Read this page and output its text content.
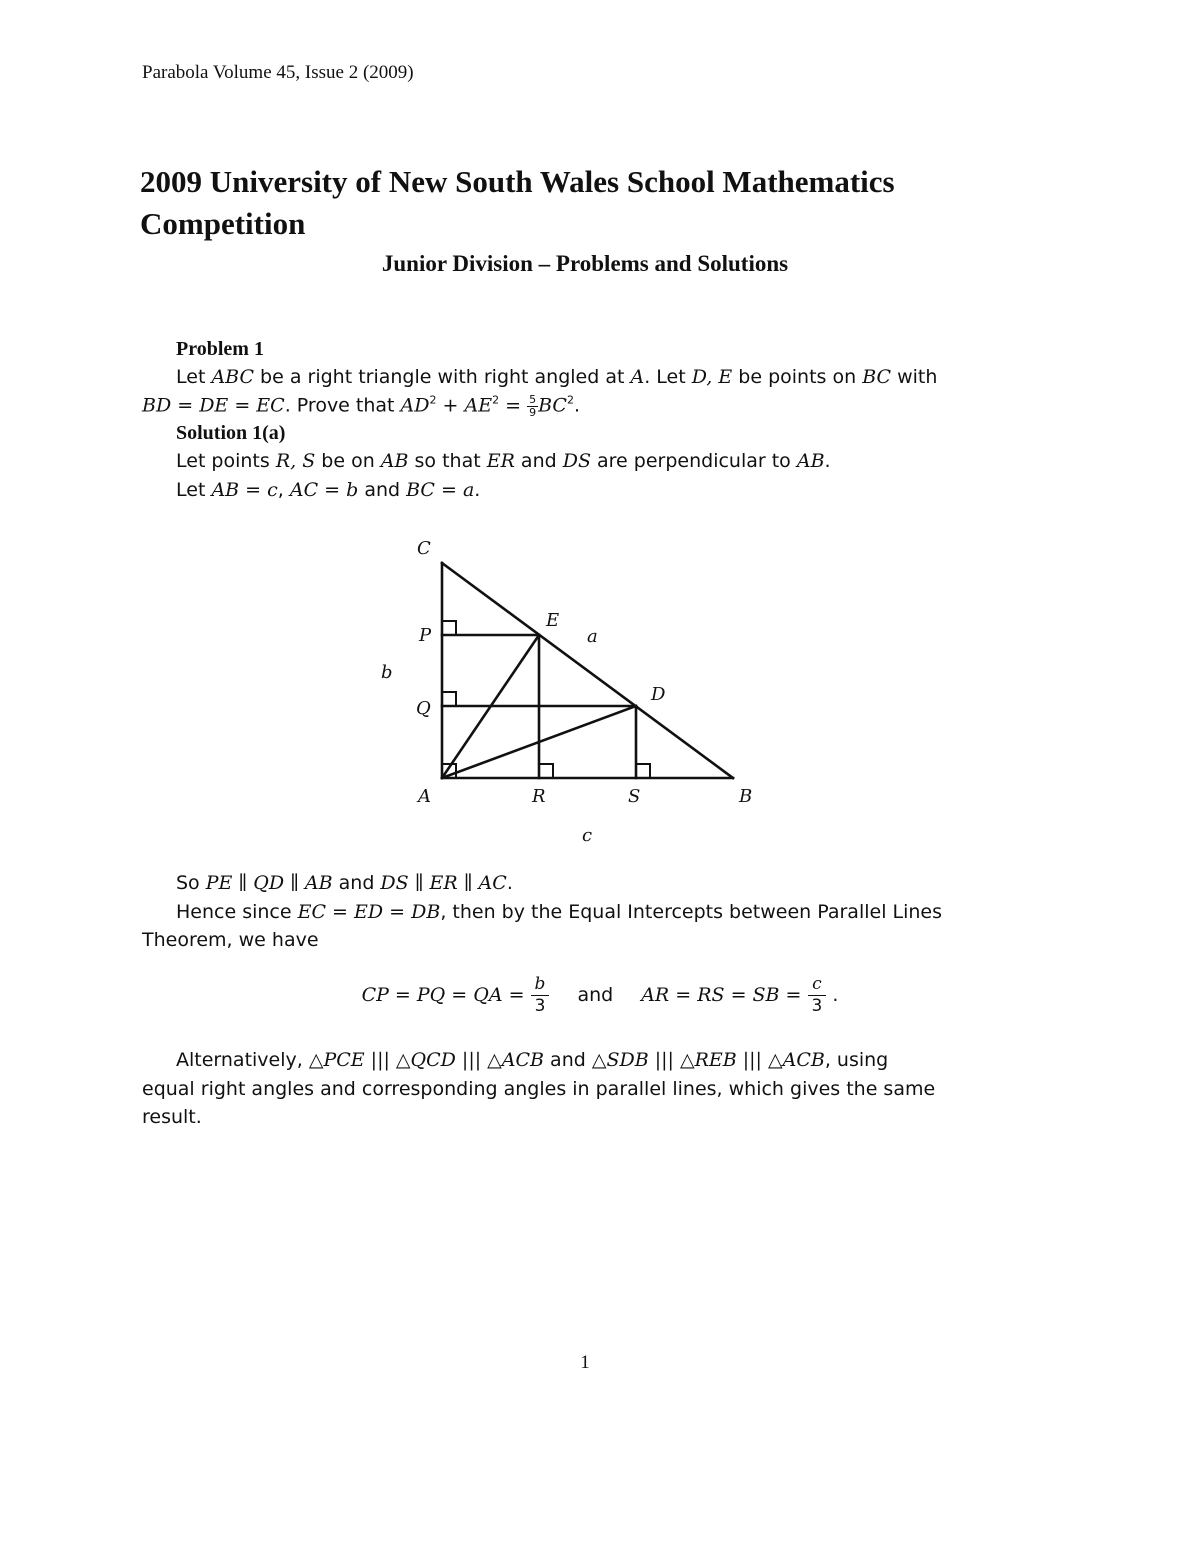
Parabola Volume 45, Issue 2 (2009)
2009 University of New South Wales School Mathematics Competition
Junior Division – Problems and Solutions
Problem 1
Let ABC be a right triangle with right angled at A. Let D, E be points on BC with
BD = DE = EC. Prove that $AD^2 + AE^2 = \frac{5}{9} BC^2$.
Solution 1(a)
Let points R, S be on AB so that ER and DS are perpendicular to AB.
Let AB = c, AC = b and BC = a.
C
E
a
P
b
Q
D
A	R	S	B
c
So PE ∥ QD ∥ AB and DS ∥ ER ∥ AC.
Hence since EC = ED = DB, then by the Equal Intercepts between Parallel Lines
Theorem, we have
CP = PQ = QA = $\frac{b}{3}$ and AR = RS = SB = $\frac{c}{3}$ .
Alternatively, △PCE ||| △QCD ||| △ACB and △SDB ||| △REB ||| △ACB, using
equal right angles and corresponding angles in parallel lines, which gives the same
result.
1
